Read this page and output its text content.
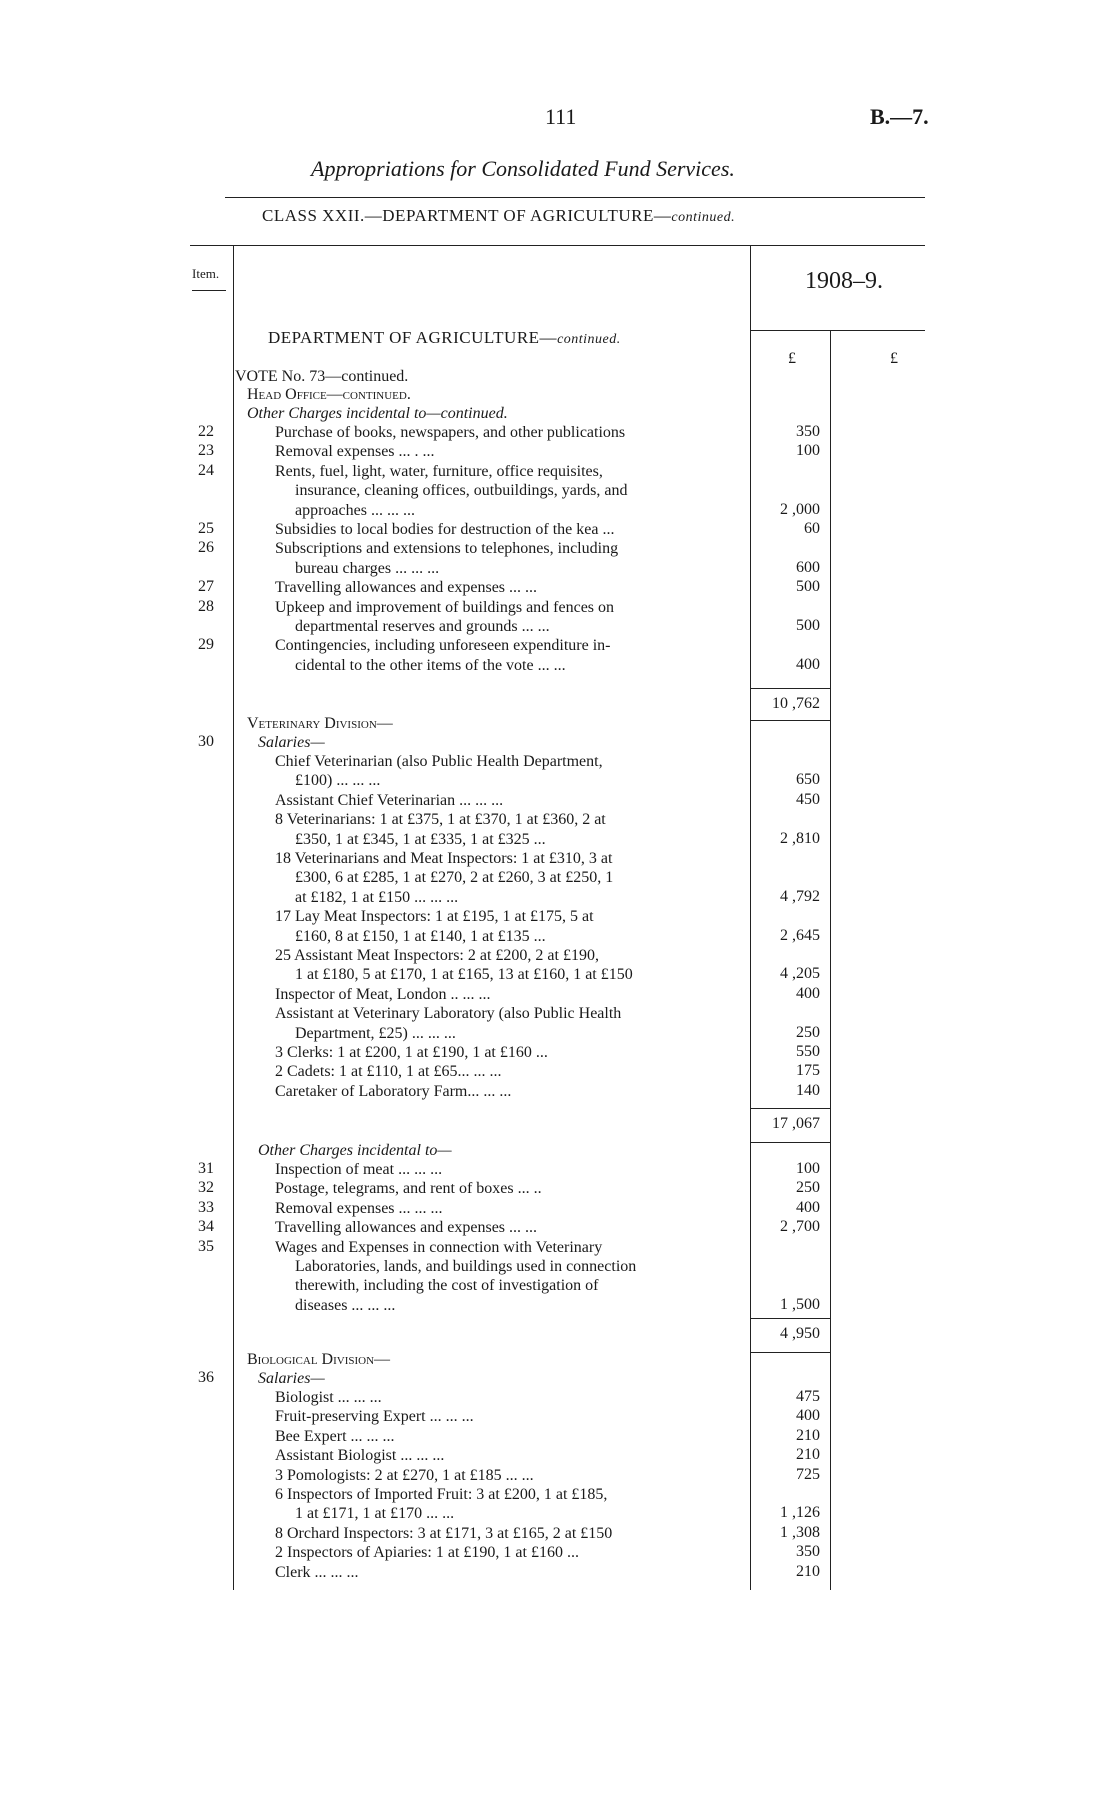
111	B.—7.
Appropriations for Consolidated Fund Services.
CLASS XXII.—DEPARTMENT OF AGRICULTURE—continued.
Item.	1908–9.
£	£
DEPARTMENT OF AGRICULTURE—continued.
VOTE No. 73—continued.
Head Office—continued.
Other Charges incidental to—continued.
22	Purchase of books, newspapers, and other publications	350
23	Removal expenses ... . ...	100
24	Rents, fuel, light, water, furniture, office requisites,
insurance, cleaning offices, outbuildings, yards, and
approaches ... ... ...	2 ,000
25	Subsidies to local bodies for destruction of the kea ...	60
26	Subscriptions and extensions to telephones, including
bureau charges ... ... ...	600
27	Travelling allowances and expenses ... ...	500
28	Upkeep and improvement of buildings and fences on
departmental reserves and grounds ... ...	500
29	Contingencies, including unforeseen expenditure in-
cidental to the other items of the vote ... ...	400
10 ,762
Veterinary Division—
Salaries—
30
Chief Veterinarian (also Public Health Department,
£100) ... ... ...	650
Assistant Chief Veterinarian ... ... ...	450
8 Veterinarians: 1 at £375, 1 at £370, 1 at £360, 2 at
£350, 1 at £345, 1 at £335, 1 at £325 ...	2 ,810
18 Veterinarians and Meat Inspectors: 1 at £310, 3 at
£300, 6 at £285, 1 at £270, 2 at £260, 3 at £250, 1
at £182, 1 at £150 ... ... ...	4 ,792
17 Lay Meat Inspectors: 1 at £195, 1 at £175, 5 at
£160, 8 at £150, 1 at £140, 1 at £135 ...	2 ,645
25 Assistant Meat Inspectors: 2 at £200, 2 at £190,
1 at £180, 5 at £170, 1 at £165, 13 at £160, 1 at £150	4 ,205
Inspector of Meat, London .. ... ...	400
Assistant at Veterinary Laboratory (also Public Health
Department, £25) ... ... ...	250
3 Clerks: 1 at £200, 1 at £190, 1 at £160 ...	550
2 Cadets: 1 at £110, 1 at £65... ... ...	175
Caretaker of Laboratory Farm... ... ...	140
17 ,067
Other Charges incidental to—
31	Inspection of meat ... ... ...	100
32	Postage, telegrams, and rent of boxes ... ..	250
33	Removal expenses ... ... ...	400
34	Travelling allowances and expenses ... ...	2 ,700
35	Wages and Expenses in connection with Veterinary
Laboratories, lands, and buildings used in connection
therewith, including the cost of investigation of
diseases ... ... ...	1 ,500
4 ,950
Biological Division—
Salaries—
36
Biologist ... ... ...	475
Fruit-preserving Expert ... ... ...	400
Bee Expert ... ... ...	210
Assistant Biologist ... ... ...	210
3 Pomologists: 2 at £270, 1 at £185 ... ...	725
6 Inspectors of Imported Fruit: 3 at £200, 1 at £185,
1 at £171, 1 at £170 ... ...	1 ,126
8 Orchard Inspectors: 3 at £171, 3 at £165, 2 at £150	1 ,308
2 Inspectors of Apiaries: 1 at £190, 1 at £160 ...	350
Clerk ... ... ...	210
